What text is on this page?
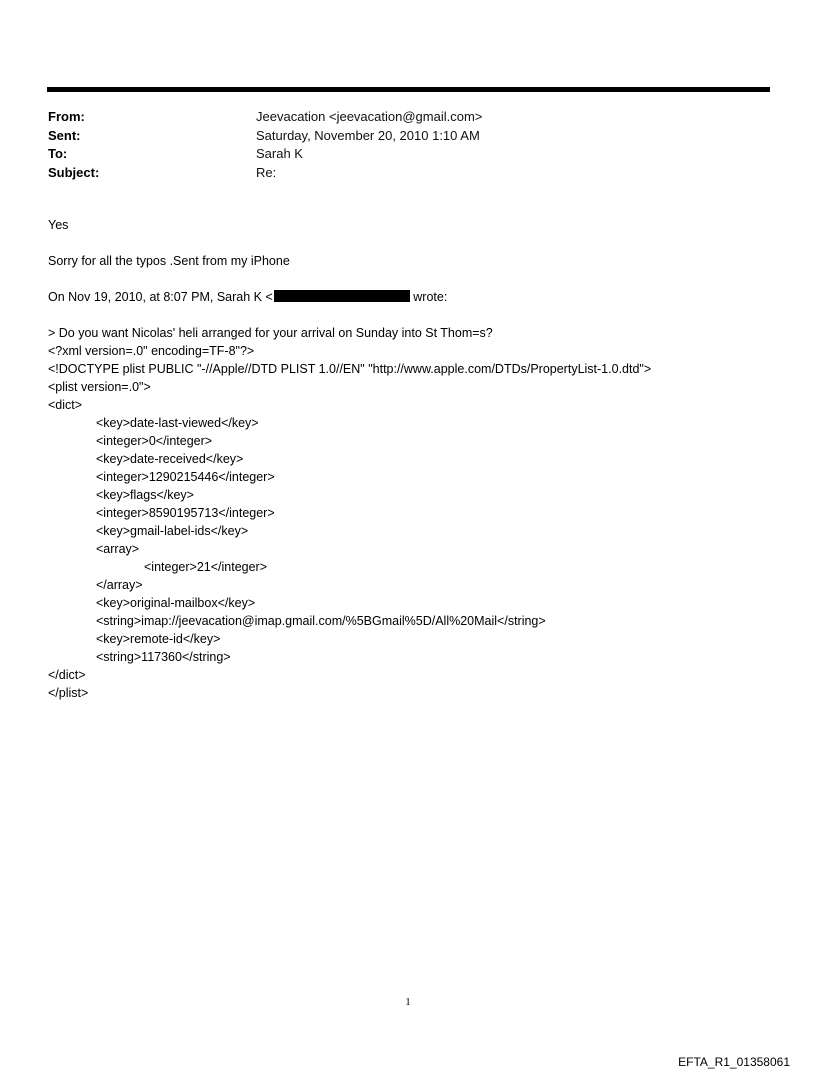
From:	Jeevacation <jeevacation@gmail.com>
Sent:	Saturday, November 20, 2010 1:10 AM
To:	Sarah K
Subject:	Re:

Yes

Sorry for all the typos .Sent from my iPhone

On Nov 19, 2010, at 8:07 PM, Sarah K <	wrote:

> Do you want Nicolas' heli arranged for your arrival on Sunday into St Thom=s?

<?xml version=.0" encoding=TF-8"?>

<!DOCTYPE plist PUBLIC "-//Apple//DTD PLIST 1.0//EN" "http://www.apple.com/DTDs/PropertyList-1.0.dtd">

<plist version=.0">

<dict>

<key>date-last-viewed</key>

<integer>0</integer>

<key>date-received</key>

<integer>1290215446</integer>

<key>flags</key>

<integer>8590195713</integer>

<key>gmail-label-ids</key>

<array>

<integer>21</integer>

</array>

<key>original-mailbox</key>

<string>imap://jeevacation@imap.gmail.com/%5BGmail%5D/All%20Mail</string>

<key>remote-id</key>

<string>117360</string>

</dict>

</plist>

1
EFTA_R1_01358061
